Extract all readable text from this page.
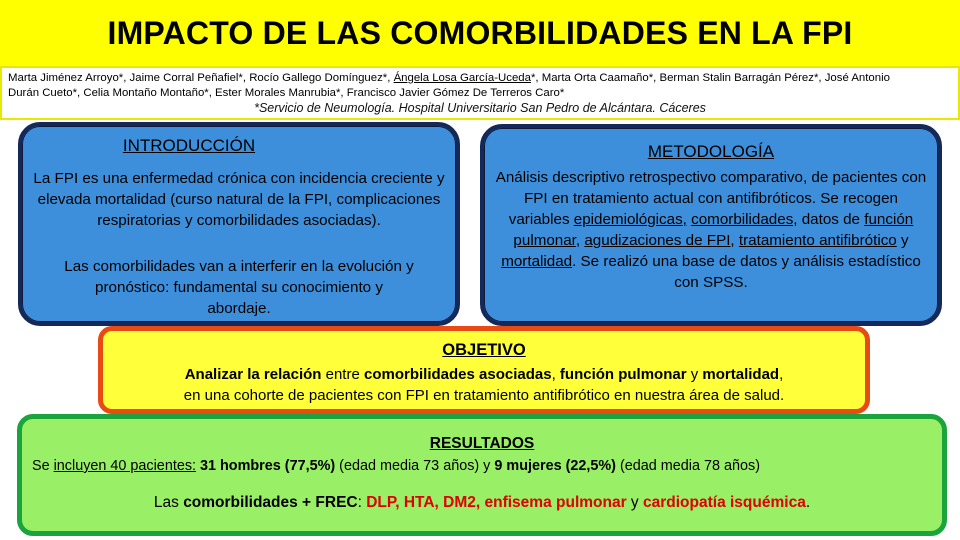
IMPACTO DE LAS COMORBILIDADES EN LA FPI
Marta Jiménez Arroyo*, Jaime Corral Peñafiel*, Rocío Gallego Domínguez*, Ángela Losa García-Uceda*, Marta Orta Caamaño*, Berman Stalin Barragán Pérez*, José Antonio
Durán Cueto*, Celia Montaño Montaño*, Ester Morales Manrubia*, Francisco Javier Gómez De Terreros Caro*
*Servicio de Neumología. Hospital Universitario San Pedro de Alcántara. Cáceres
INTRODUCCIÓN
La FPI es una enfermedad crónica con incidencia creciente y elevada mortalidad (curso natural de la FPI, complicaciones respiratorias y comorbilidades asociadas).
Las comorbilidades van a interferir en la evolución y pronóstico: fundamental su conocimiento y abordaje.
METODOLOGÍA
Análisis descriptivo retrospectivo comparativo, de pacientes con FPI en tratamiento actual con antifibróticos. Se recogen variables epidemiológicas, comorbilidades, datos de función pulmonar, agudizaciones de FPI, tratamiento antifibrótico y mortalidad. Se realizó una base de datos y análisis estadístico con SPSS.
OBJETIVO
Analizar la relación entre comorbilidades asociadas, función pulmonar y mortalidad,
en una cohorte de pacientes con FPI en tratamiento antifibrótico en nuestra área de salud.
RESULTADOS
Se incluyen 40 pacientes: 31 hombres (77,5%) (edad media 73 años) y 9 mujeres (22,5%) (edad media 78 años)
Las comorbilidades + FREC: DLP, HTA, DM2, enfisema pulmonar y cardiopatía isquémica.
